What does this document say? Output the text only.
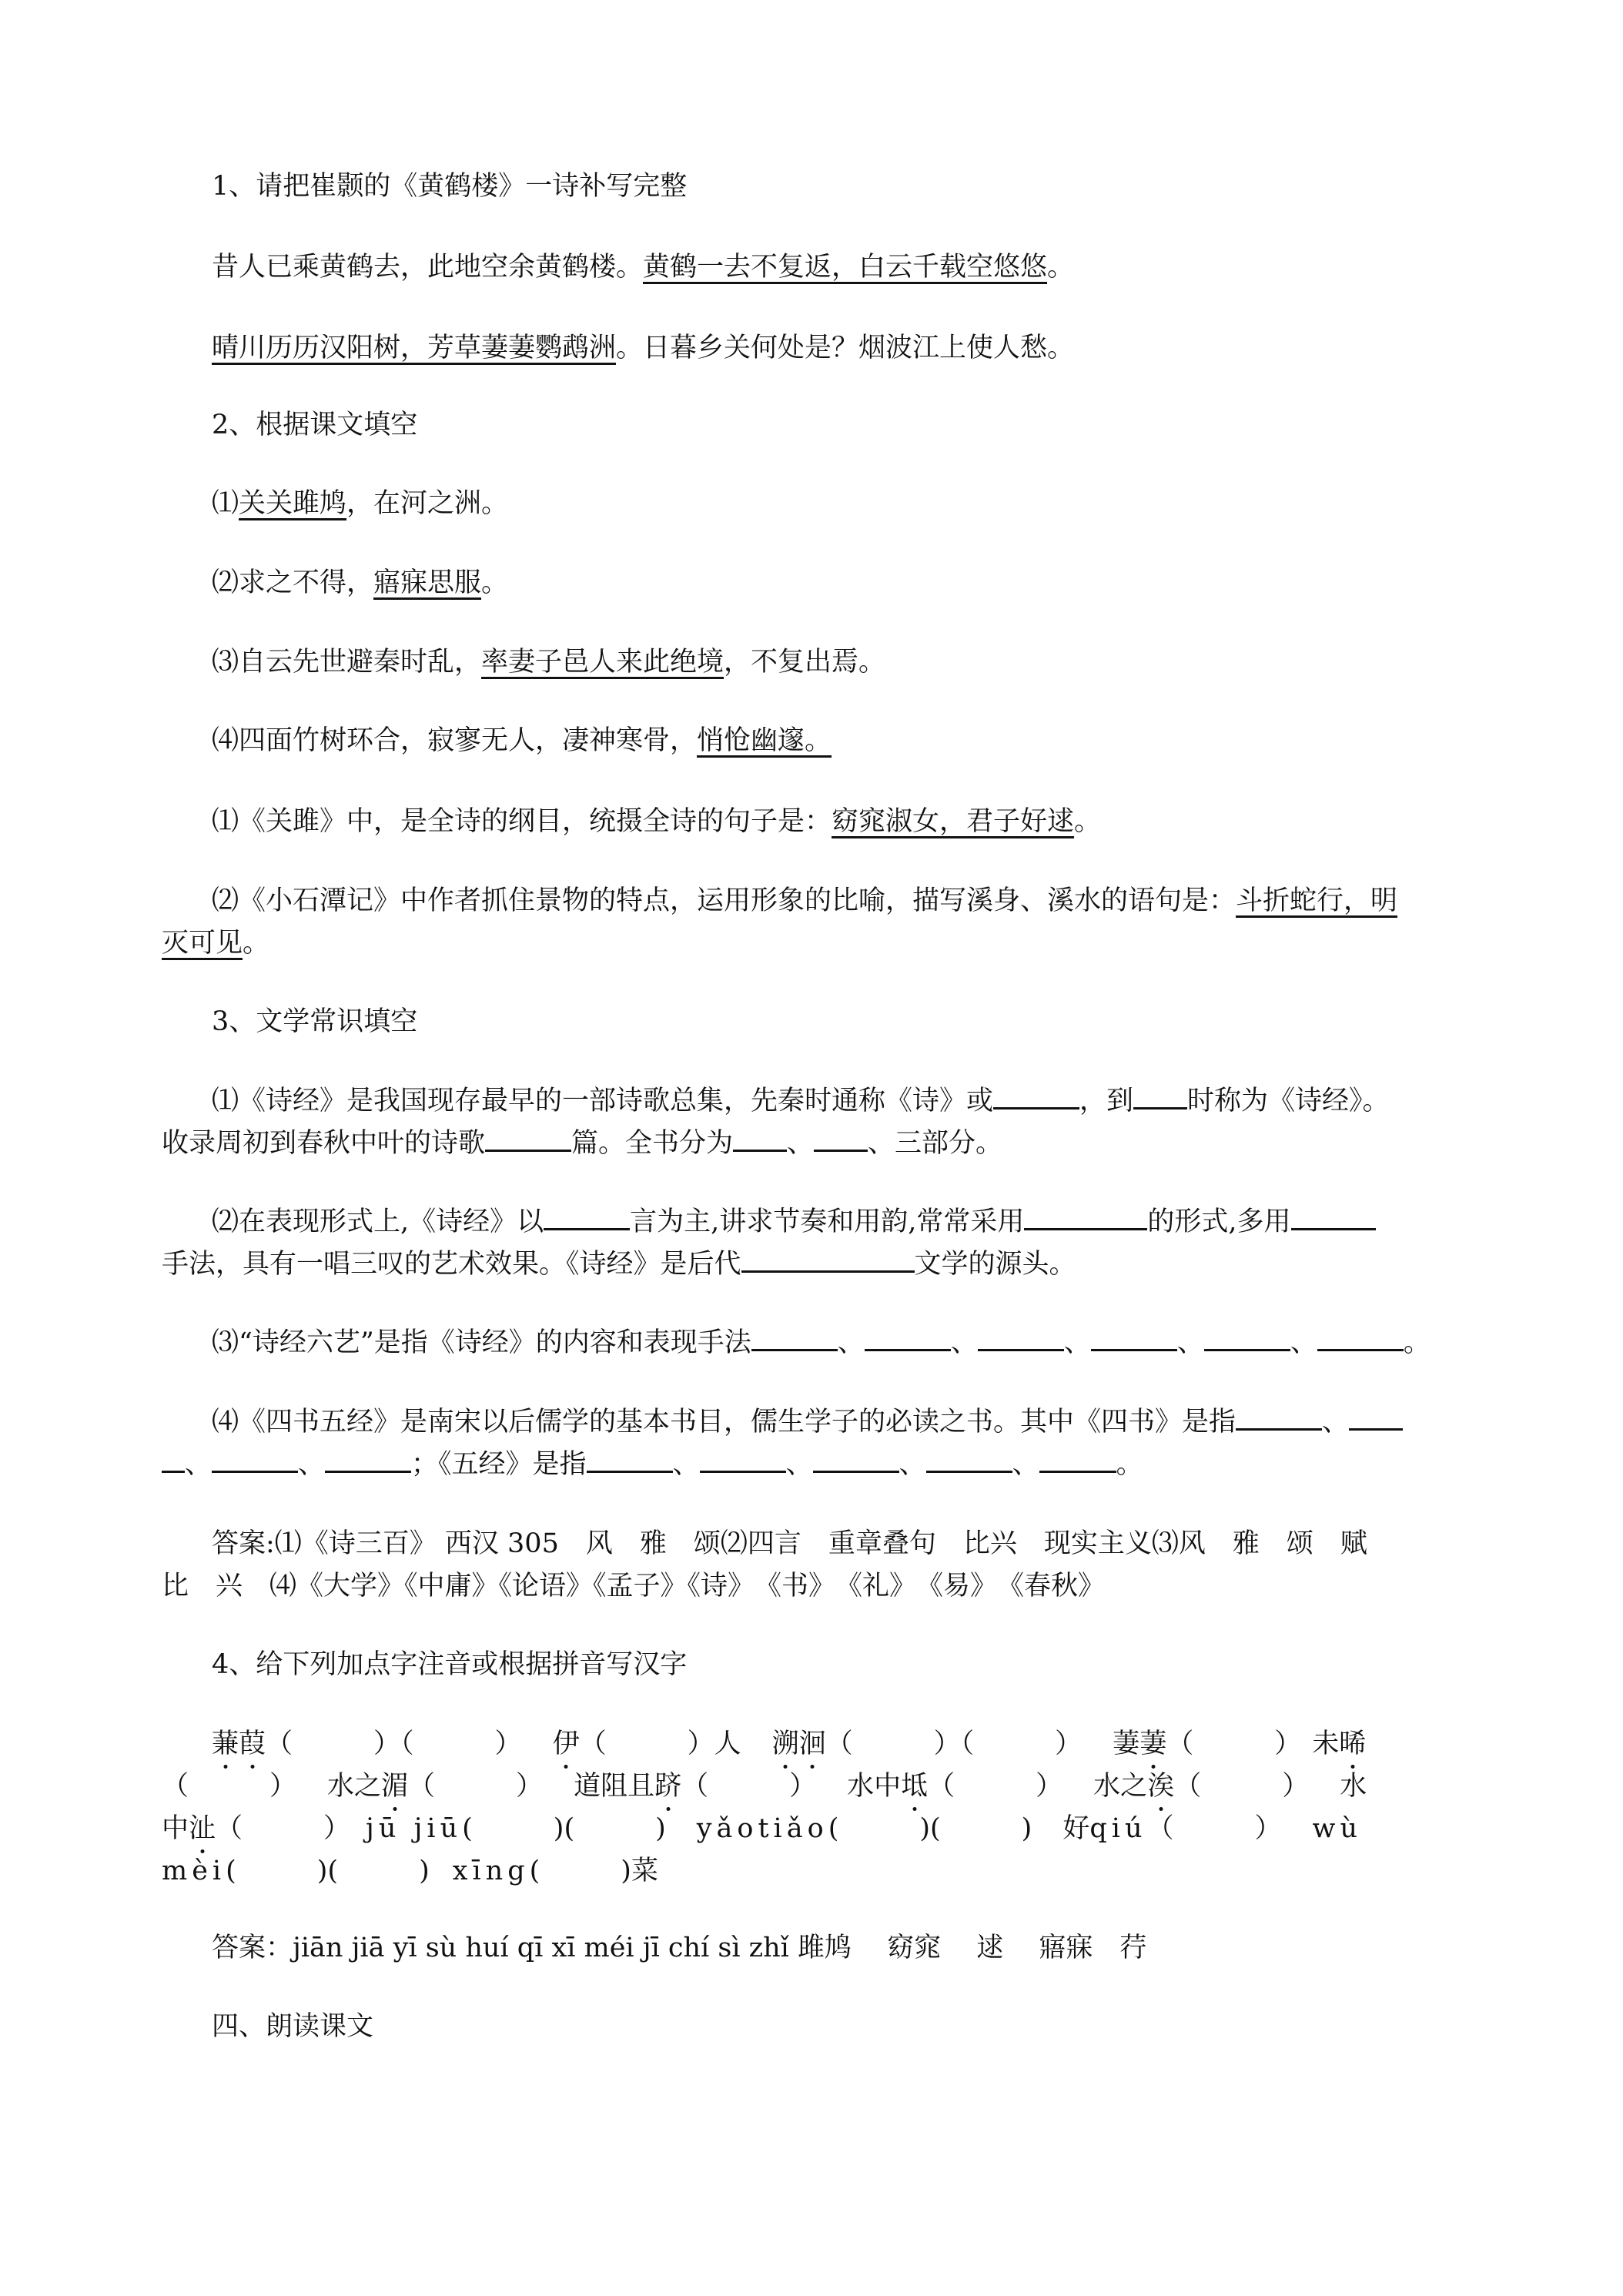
1、请把崔颢的《黄鹤楼》一诗补写完整
昔人已乘黄鹤去，此地空余黄鹤楼。黄鹤一去不复返，白云千载空悠悠。
晴川历历汉阳树，芳草萋萋鹦鹉洲。日暮乡关何处是？烟波江上使人愁。
2、根据课文填空
⑴关关雎鸠，在河之洲。
⑵求之不得，寤寐思服。
⑶自云先世避秦时乱，率妻子邑人来此绝境，不复出焉。
⑷四面竹树环合，寂寥无人，凄神寒骨，悄怆幽邃。
⑴《关雎》中，是全诗的纲目，统摄全诗的句子是：窈窕淑女，君子好逑。
⑵《小石潭记》中作者抓住景物的特点，运用形象的比喻，描写溪身、溪水的语句是：斗折蛇行，明
灭可见。
3、文学常识填空
⑴《诗经》是我国现存最早的一部诗歌总集，先秦时通称《诗》或	，到 时称为《诗经》。
收录周初到春秋中叶的诗歌	篇。全书分为 、 、三部分。
⑵在表现形式上,《诗经》以	言为主,讲求节奏和用韵,常常采用	的形式,多用
手法，具有一唱三叹的艺术效果。《诗经》是后代	文学的源头。
⑶“诗经六艺”是指《诗经》的内容和表现手法	、	、	、	、	、	。
⑷《四书五经》是南宋以后儒学的基本书目，儒生学子的必读之书。其中《四书》是指	、
、	、	；《五经》是指	、	、	、	、	。
答案:⑴《诗三百》 西汉 305　风　雅　颂⑵四言　重章叠句　比兴　现实主义⑶风　雅　颂　赋
比　兴　⑷《大学》《中庸》《论语》《孟子》《诗》　《书》　《礼》　《易》　《春秋》
4、给下列加点字注音或根据拼音写汉字
蒹葭（　　　）（　　　） 伊（　　　）人 溯洄（　　　）（　　　） 萋萋（　　　） 未晞
（　　　） 水之湄（　　　） 道阻且跻（　　　） 水中坻（　　　） 水之涘（　　　） 水
中沚（　　　） jū jiū(　　　)(　　　) yǎotiǎo(　　　)(　　　) 好qiú（　　　） wù
mèi(　　　)(　　　) xīng(　　　)菜
答案：jiān jiā yī sù huí qī xī méi jī chí sì zhǐ 雎鸠　 窈窕　 逑　 寤寐　荇
四、朗读课文
